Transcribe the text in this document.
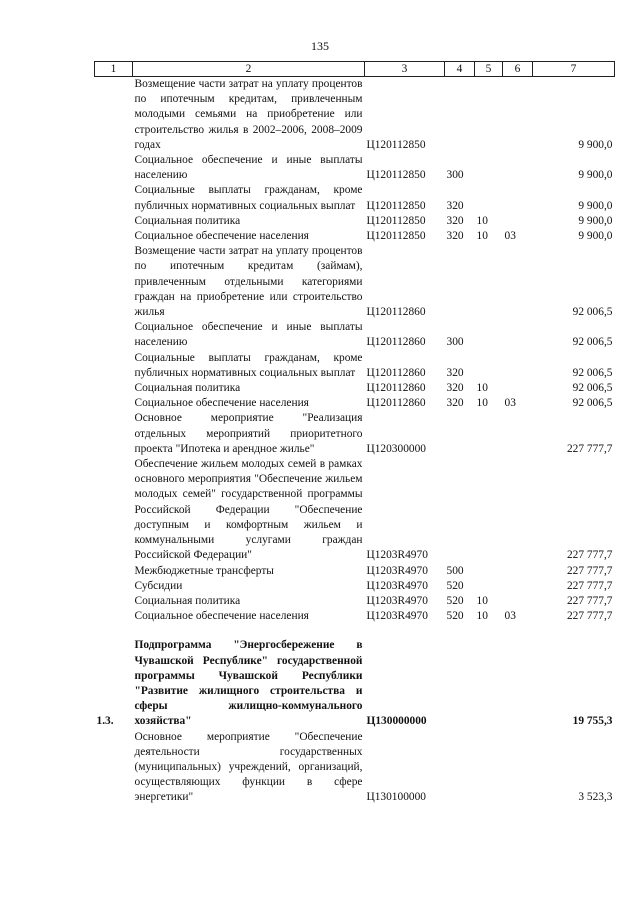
135
1	2	3	4	5	6	7
	Возмещение части затрат на уплату процентов по ипотечным кредитам, привлеченным молодыми семьями на приобретение или строительство жилья в 2002–2006, 2008–2009 годах	Ц120112850				9 900,0
	Социальное обеспечение и иные выплаты населению	Ц120112850	300			9 900,0
	Социальные выплаты гражданам, кроме публичных нормативных социальных выплат	Ц120112850	320			9 900,0
	Социальная политика	Ц120112850	320	10		9 900,0
	Социальное обеспечение населения	Ц120112850	320	10	03	9 900,0
	Возмещение части затрат на уплату процентов по ипотечным кредитам (займам), привлеченным отдельными категориями граждан на приобретение или строительство жилья	Ц120112860				92 006,5
	Социальное обеспечение и иные выплаты населению	Ц120112860	300			92 006,5
	Социальные выплаты гражданам, кроме публичных нормативных социальных выплат	Ц120112860	320			92 006,5
	Социальная политика	Ц120112860	320	10		92 006,5
	Социальное обеспечение населения	Ц120112860	320	10	03	92 006,5
	Основное мероприятие "Реализация отдельных мероприятий приоритетного проекта "Ипотека и арендное жилье"	Ц120300000				227 777,7
	Обеспечение жильем молодых семей в рамках основного мероприятия "Обеспечение жильем молодых семей" государственной программы Российской Федерации "Обеспечение доступным и комфортным жильем и коммунальными услугами граждан Российской Федерации"	Ц1203R4970				227 777,7
	Межбюджетные трансферты	Ц1203R4970	500			227 777,7
	Субсидии	Ц1203R4970	520			227 777,7
	Социальная политика	Ц1203R4970	520	10		227 777,7
	Социальное обеспечение населения	Ц1203R4970	520	10	03	227 777,7

1.3.	Подпрограмма "Энергосбережение в Чувашской Республике" государственной программы Чувашской Республики "Развитие жилищного строительства и сферы жилищно-коммунального хозяйства"	Ц130000000				19 755,3
	Основное мероприятие "Обеспечение деятельности государственных (муниципальных) учреждений, организаций, осуществляющих функции в сфере энергетики"	Ц130100000				3 523,3
